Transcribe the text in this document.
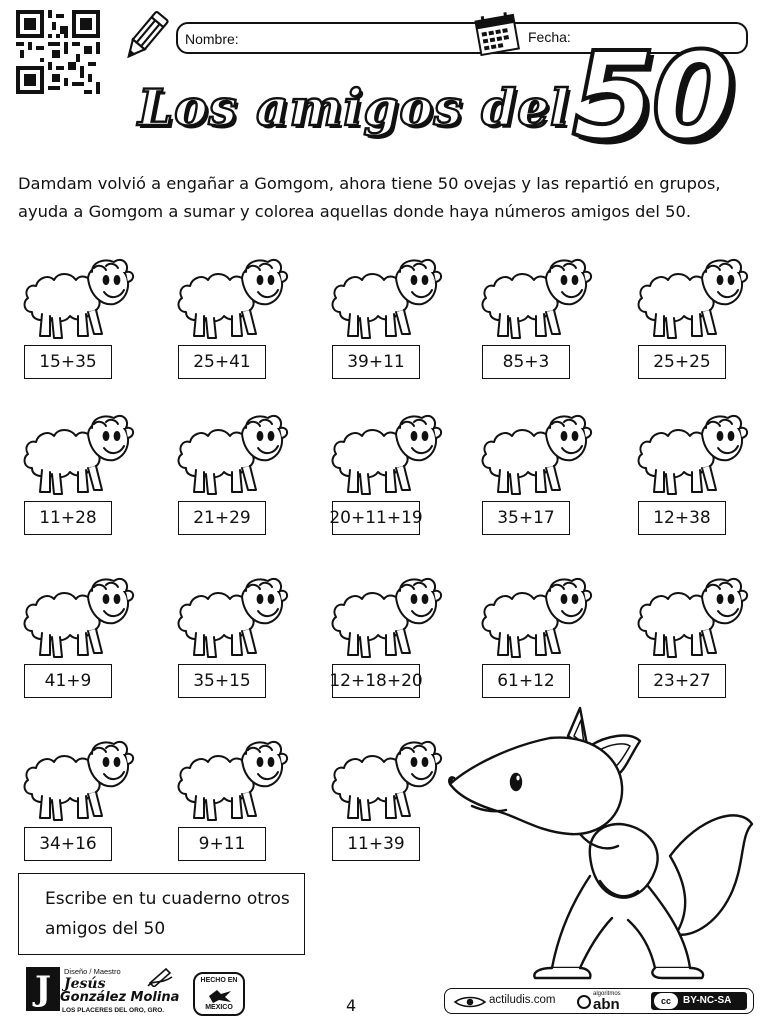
Nombre:	Fecha:
Los amigos del 50

Damdam volvió a engañar a Gomgom, ahora tiene 50 ovejas y las repartió en grupos, ayuda a Gomgom a sumar y colorea aquellas donde haya números amigos del 50.

15+35	25+41	39+11	85+3	25+25
11+28	21+29	20+11+19	35+17	12+38
41+9	35+15	12+18+20	61+12	23+27
34+16	9+11	11+39
Escribe en tu cuaderno otros amigos del 50
J	Diseño / Maestro
Jesús
González Molina
LOS PLACERES DEL ORO, GRO.
HECHO EN
MEXICO	4	actiludis.com	algoritmos
abn	cc	BY-NC-SA
